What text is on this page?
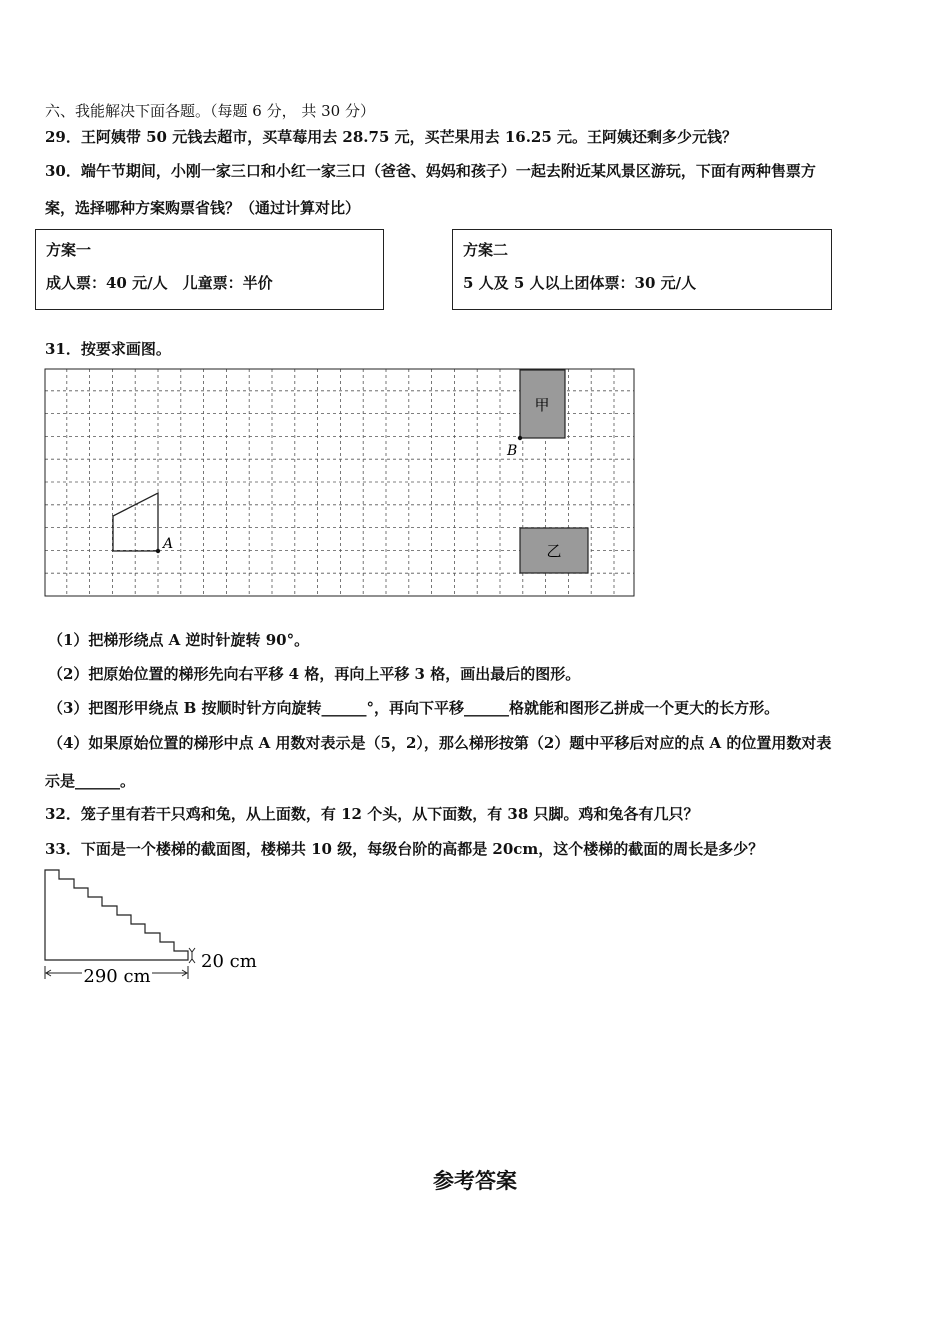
六、我能解决下面各题。（每题 6 分， 共 30 分）
29．王阿姨带 50 元钱去超市，买草莓用去 28.75 元，买芒果用去 16.25 元。王阿姨还剩多少元钱？
30．端午节期间，小刚一家三口和小红一家三口（爸爸、妈妈和孩子）一起去附近某风景区游玩，下面有两种售票方
案，选择哪种方案购票省钱？（通过计算对比）
方案一
成人票：40 元/人　儿童票：半价
方案二
5 人及 5 人以上团体票：30 元/人
31．按要求画图。
A
甲
B
乙
（1）把梯形绕点 A 逆时针旋转 90°。
（2）把原始位置的梯形先向右平移 4 格，再向上平移 3 格，画出最后的图形。
（3）把图形甲绕点 B 按顺时针方向旋转______°，再向下平移______格就能和图形乙拼成一个更大的长方形。
（4）如果原始位置的梯形中点 A 用数对表示是（5，2），那么梯形按第（2）题中平移后对应的点 A 的位置用数对表
示是______。
32．笼子里有若干只鸡和兔，从上面数，有 12 个头，从下面数，有 38 只脚。鸡和兔各有几只？
33．下面是一个楼梯的截面图，楼梯共 10 级，每级台阶的高都是 20cm，这个楼梯的截面的周长是多少？
20 cm
290 cm
参考答案
